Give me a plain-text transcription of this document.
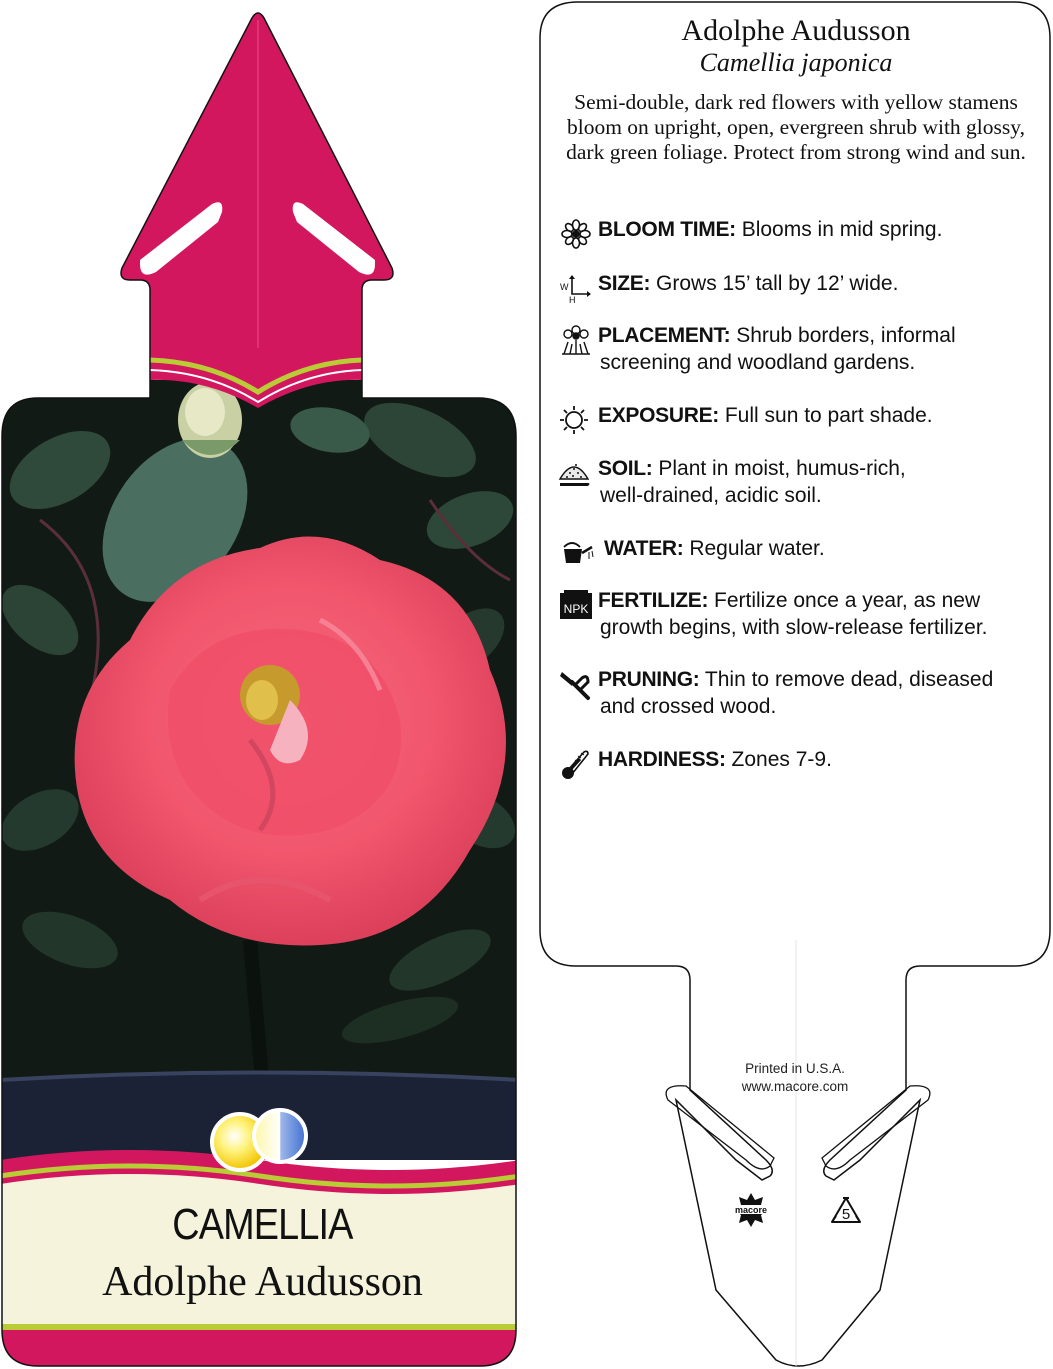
CAMELLIA
Adolphe Audusson
macore	5
Adolphe Audusson
Camellia japonica
Semi-double, dark red flowers with yellow stamens bloom on upright, open, evergreen shrub with glossy, dark green foliage. Protect from strong wind and sun.
BLOOM TIME: Blooms in mid spring.
W
H
SIZE: Grows 15’ tall by 12’ wide.
PLACEMENT: Shrub borders, informal
screening and woodland gardens.
EXPOSURE: Full sun to part shade.
SOIL: Plant in moist, humus-rich,
well-drained, acidic soil.
WATER: Regular water.
NPK FERTILIZE: Fertilize once a year, as new
growth begins, with slow-release fertilizer.
PRUNING: Thin to remove dead, diseased
and crossed wood.
HARDINESS: Zones 7-9.
Printed in U.S.A.
www.macore.com
